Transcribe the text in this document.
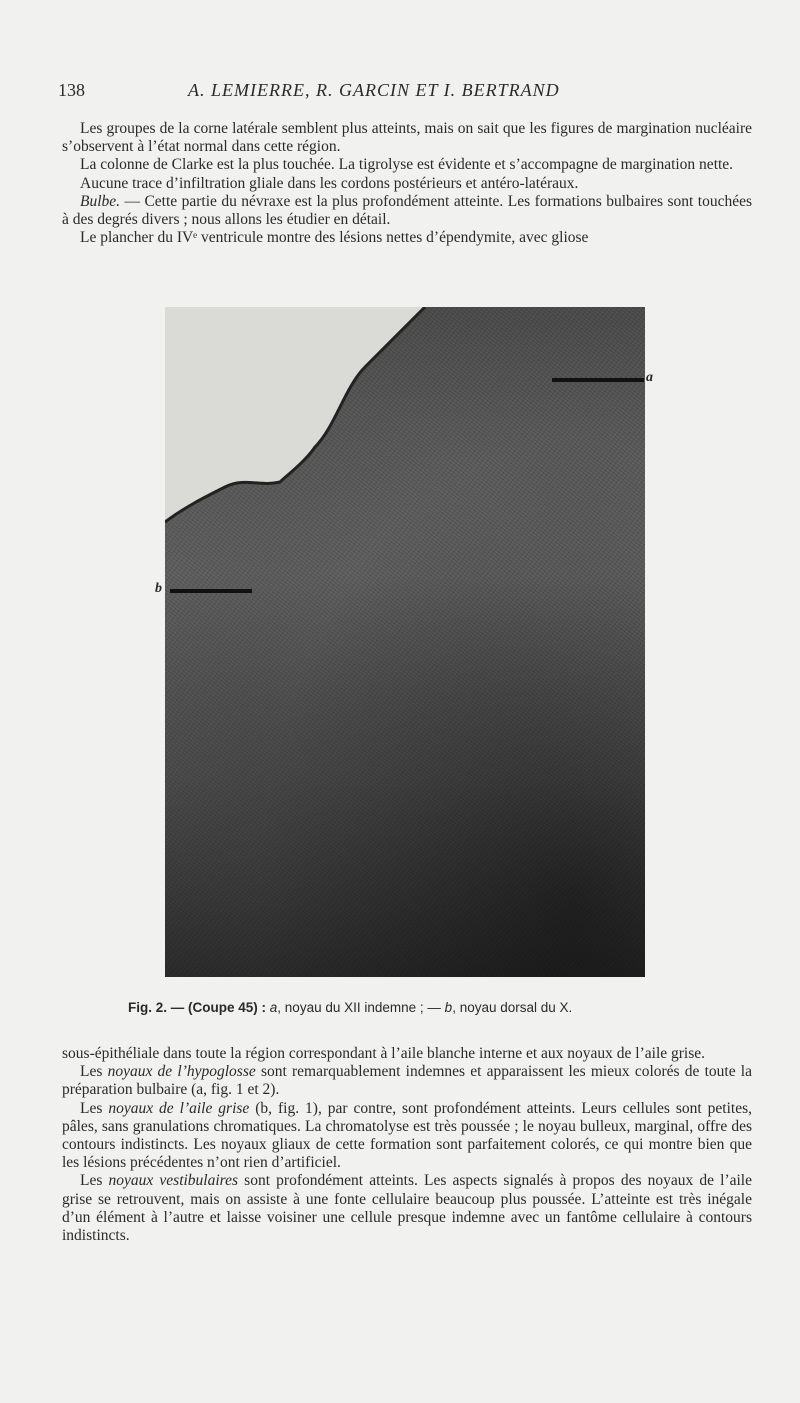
138	A. LEMIERRE, R. GARCIN ET I. BERTRAND

Les groupes de la corne latérale semblent plus atteints, mais on sait que les figures de margination nucléaire s’observent à l’état normal dans cette région.

La colonne de Clarke est la plus touchée. La tigrolyse est évidente et s’accompagne de margination nette.

Aucune trace d’infiltration gliale dans les cordons postérieurs et antéro-latéraux.

Bulbe. — Cette partie du névraxe est la plus profondément atteinte. Les formations bulbaires sont touchées à des degrés divers ; nous allons les étudier en détail.

Le plancher du IVᵉ ventricule montre des lésions nettes d’épendymite, avec gliose

a
b
Fig. 2. — (Coupe 45) : a, noyau du XII indemne ; — b, noyau dorsal du X.

sous-épithéliale dans toute la région correspondant à l’aile blanche interne et aux noyaux de l’aile grise.

Les noyaux de l’hypoglosse sont remarquablement indemnes et apparaissent les mieux colorés de toute la préparation bulbaire (a, fig. 1 et 2).

Les noyaux de l’aile grise (b, fig. 1), par contre, sont profondément atteints. Leurs cellules sont petites, pâles, sans granulations chromatiques. La chromatolyse est très poussée ; le noyau bulleux, marginal, offre des contours indistincts. Les noyaux gliaux de cette formation sont parfaitement colorés, ce qui montre bien que les lésions précédentes n’ont rien d’artificiel.

Les noyaux vestibulaires sont profondément atteints. Les aspects signalés à propos des noyaux de l’aile grise se retrouvent, mais on assiste à une fonte cellulaire beaucoup plus poussée. L’atteinte est très inégale d’un élément à l’autre et laisse voisiner une cellule presque indemne avec un fantôme cellulaire à contours indistincts.
